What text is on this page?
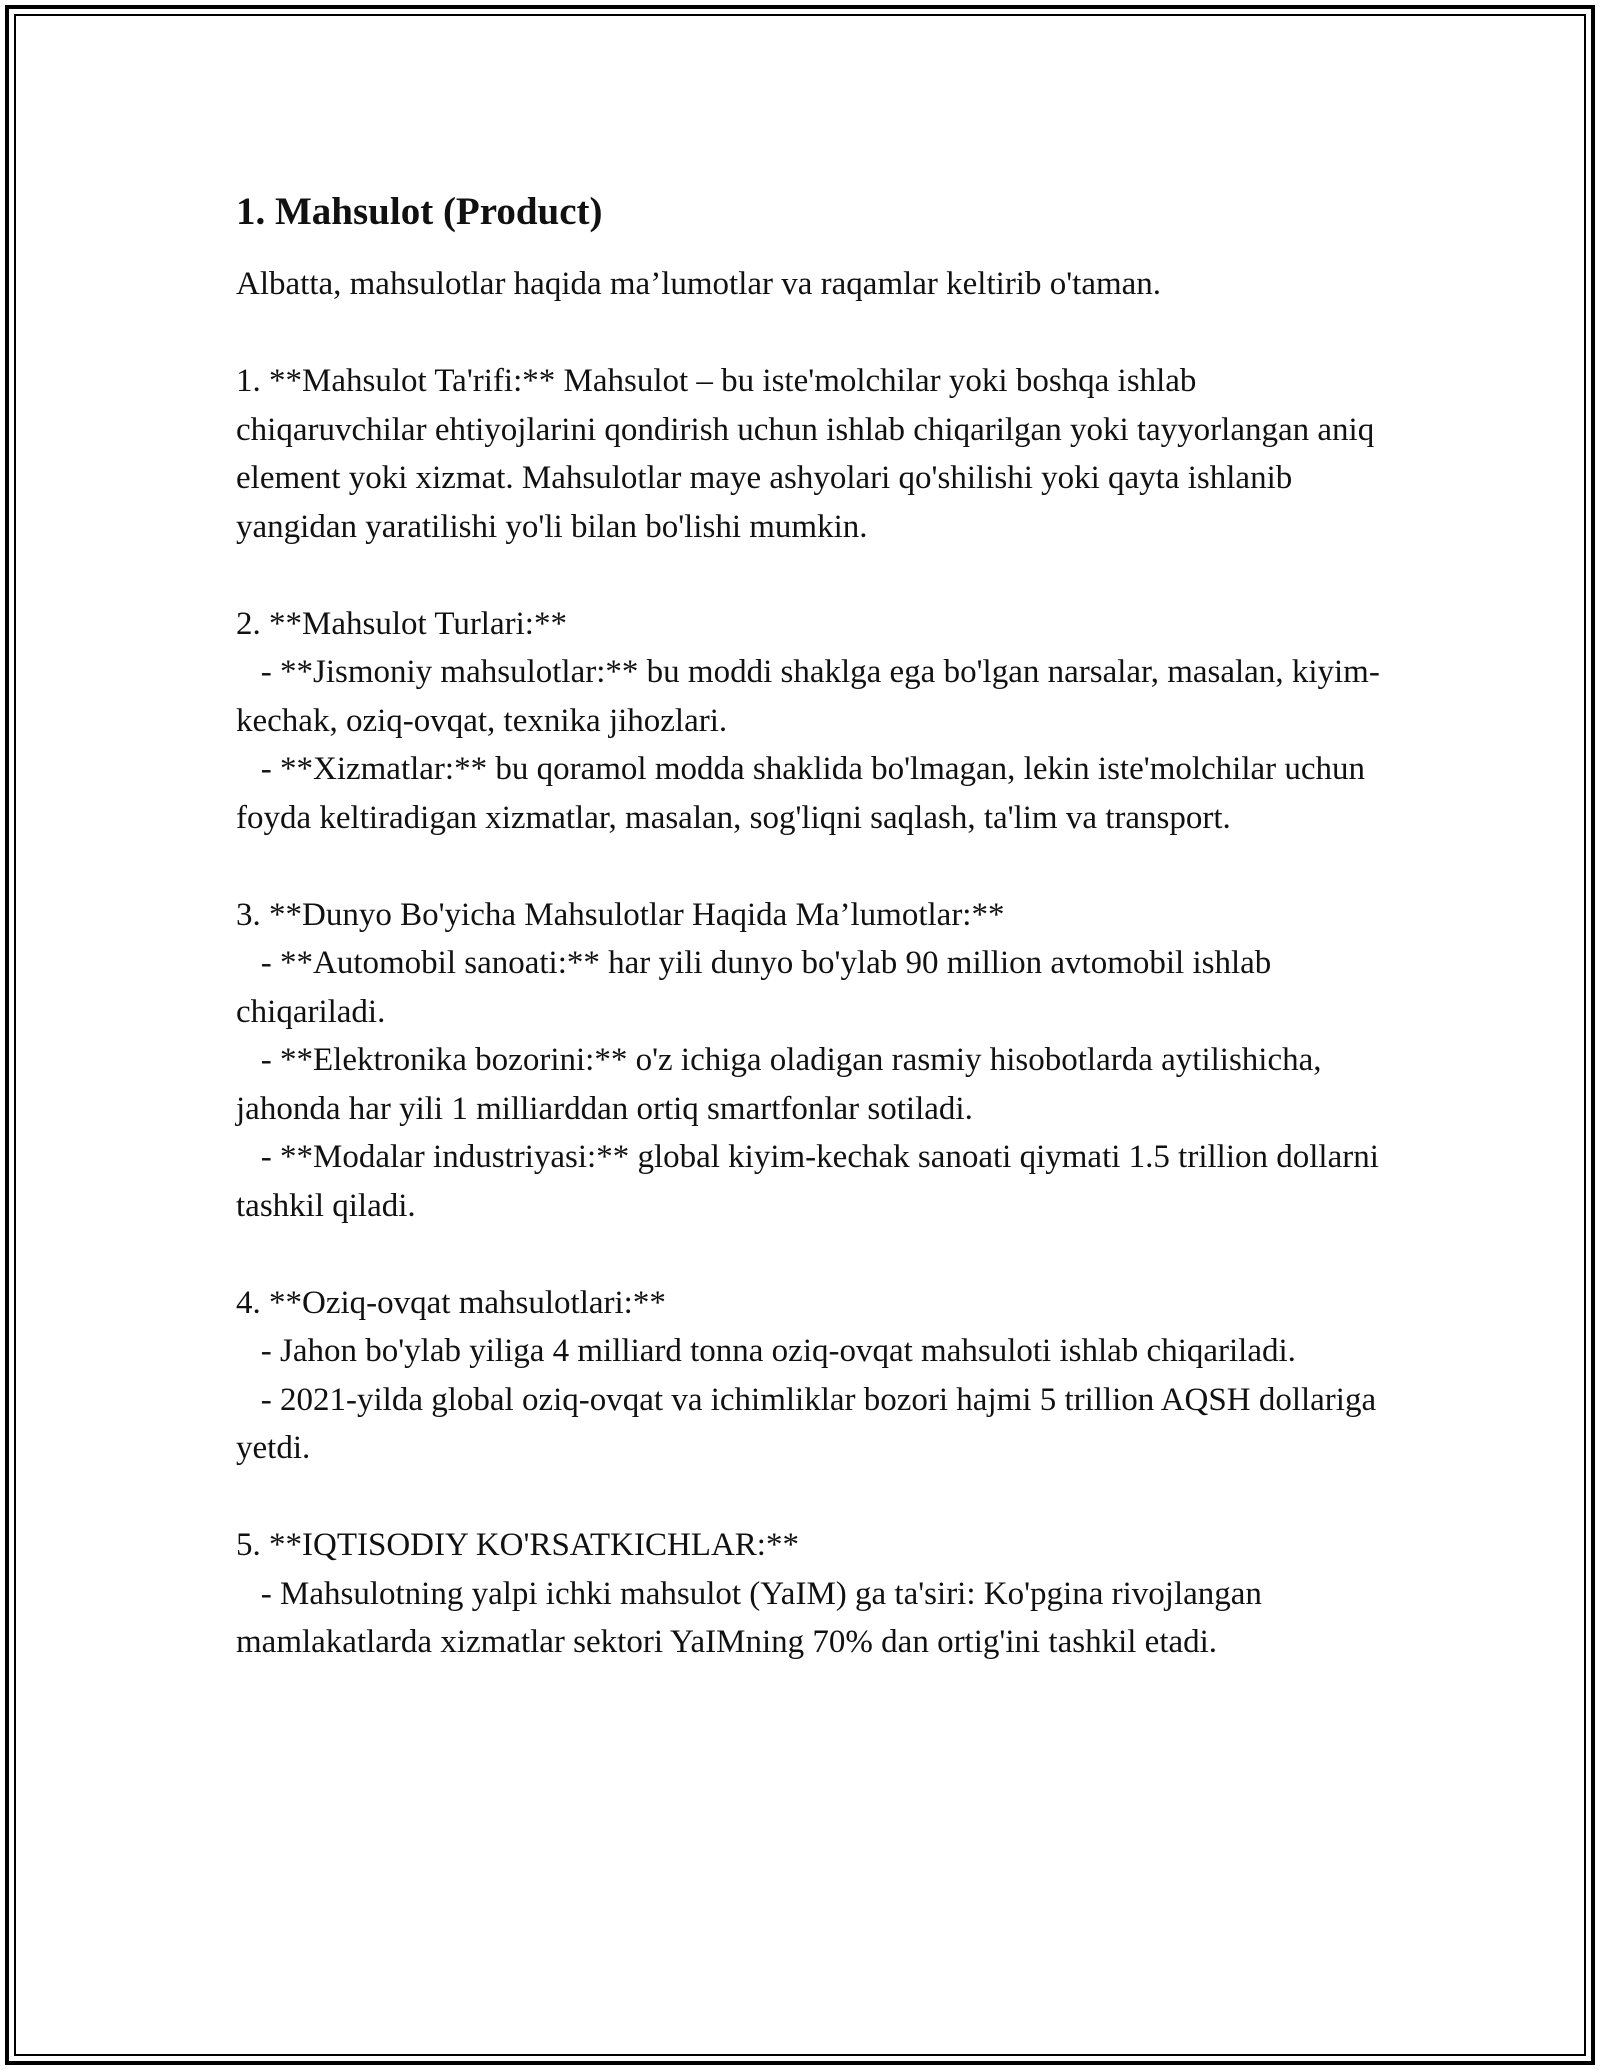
1. Mahsulot (Product)

Albatta, mahsulotlar haqida ma’lumotlar va raqamlar keltirib o'taman.

1. **Mahsulot Ta'rifi:** Mahsulot – bu iste'molchilar yoki boshqa ishlab chiqaruvchilar ehtiyojlarini qondirish uchun ishlab chiqarilgan yoki tayyorlangan aniq element yoki xizmat. Mahsulotlar maye ashyolari qo'shilishi yoki qayta ishlanib yangidan yaratilishi yo'li bilan bo'lishi mumkin.

2. **Mahsulot Turlari:**

- **Jismoniy mahsulotlar:** bu moddi shaklga ega bo'lgan narsalar, masalan, kiyim-kechak, oziq-ovqat, texnika jihozlari.

- **Xizmatlar:** bu qoramol modda shaklida bo'lmagan, lekin iste'molchilar uchun foyda keltiradigan xizmatlar, masalan, sog'liqni saqlash, ta'lim va transport.

3. **Dunyo Bo'yicha Mahsulotlar Haqida Ma’lumotlar:**

- **Automobil sanoati:** har yili dunyo bo'ylab 90 million avtomobil ishlab chiqariladi.

- **Elektronika bozorini:** o'z ichiga oladigan rasmiy hisobotlarda aytilishicha, jahonda har yili 1 milliarddan ortiq smartfonlar sotiladi.

- **Modalar industriyasi:** global kiyim-kechak sanoati qiymati 1.5 trillion dollarni tashkil qiladi.

4. **Oziq-ovqat mahsulotlari:**

- Jahon bo'ylab yiliga 4 milliard tonna oziq-ovqat mahsuloti ishlab chiqariladi.

- 2021-yilda global oziq-ovqat va ichimliklar bozori hajmi 5 trillion AQSH dollariga yetdi.

5. **IQTISODIY KO'RSATKICHLAR:**

- Mahsulotning yalpi ichki mahsulot (YaIM) ga ta'siri: Ko'pgina rivojlangan mamlakatlarda xizmatlar sektori YaIMning 70% dan ortig'ini tashkil etadi.
